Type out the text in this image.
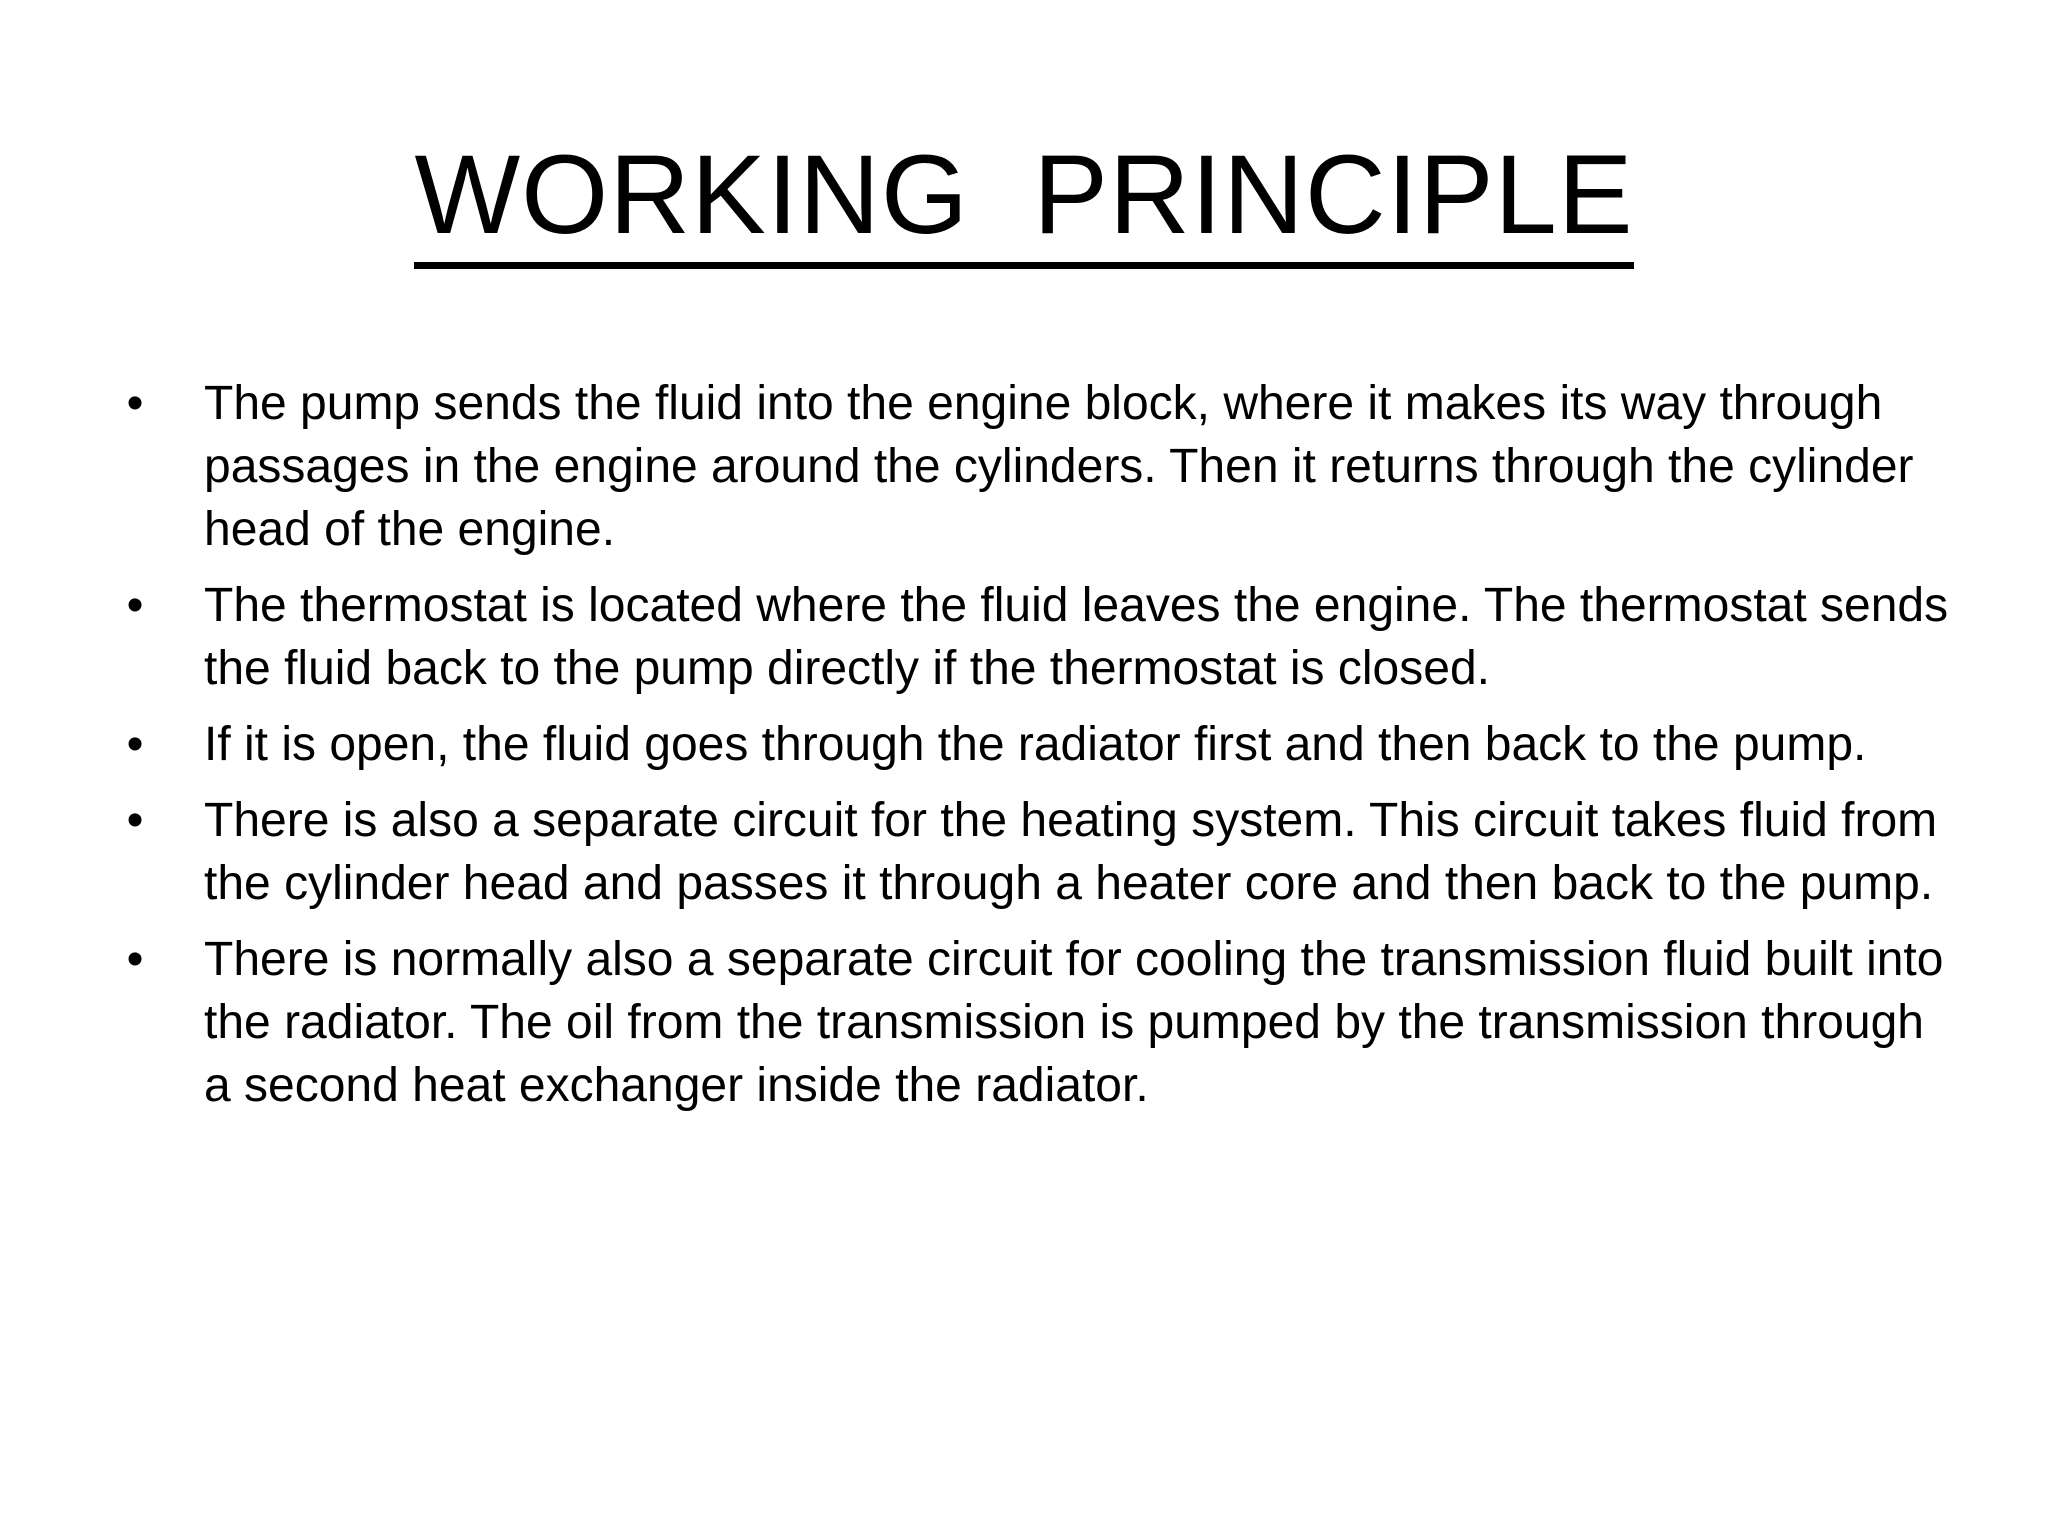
WORKING  PRINCIPLE
• The pump sends the fluid into the engine block, where it makes its way through passages in the engine around the cylinders. Then it returns through the cylinder head of the engine.
• The thermostat is located where the fluid leaves the engine. The thermostat sends the fluid back to the pump directly if the thermostat is closed.
• If it is open, the fluid goes through the radiator first and then back to the pump.
• There is also a separate circuit for the heating system. This circuit takes fluid from the cylinder head and passes it through a heater core and then back to the pump.
• There is normally also a separate circuit for cooling the transmission fluid built into the radiator. The oil from the transmission is pumped by the transmission through a second heat exchanger inside the radiator.
